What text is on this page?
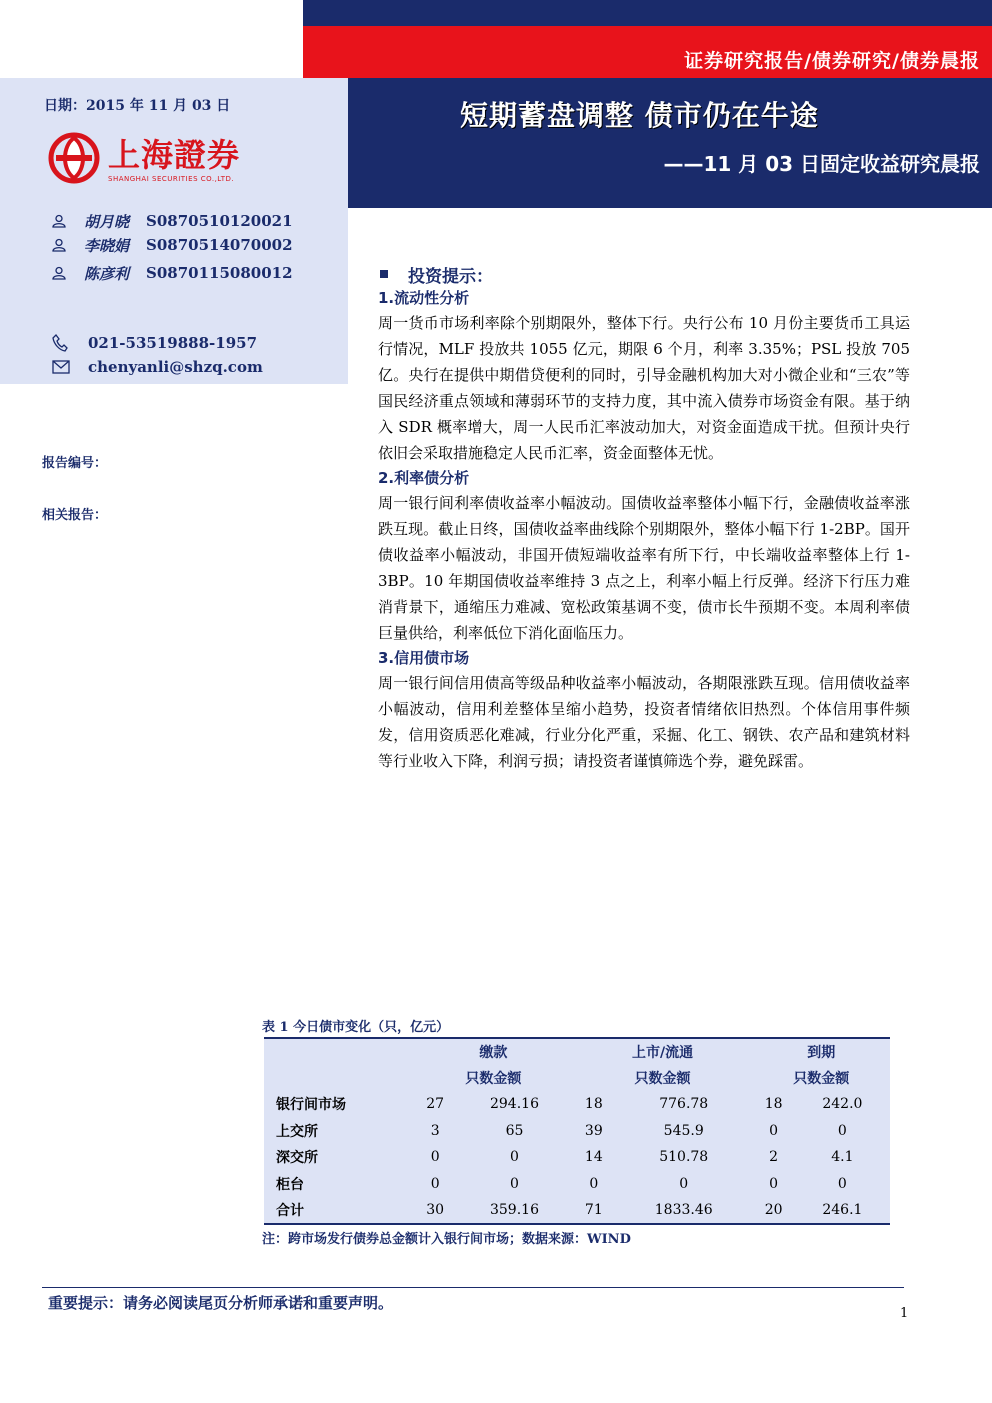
证券研究报告/债券研究/债券晨报
短期蓄盘调整 债市仍在牛途
——11 月 03 日固定收益研究晨报
日期：2015 年 11 月 03 日
上海證券
SHANGHAI SECURITIES CO.,LTD.
胡月晓	S0870510120021
李晓娟	S0870514070002
陈彦利	S0870115080012
021-53519888-1957
chenyanli@shzq.com
报告编号：
相关报告：
投资提示：
1.流动性分析
周一货币市场利率除个别期限外，整体下行。央行公布 10 月份主要货币工具运行情况，MLF 投放共 1055 亿元，期限 6 个月，利率 3.35%；PSL 投放 705 亿。央行在提供中期借贷便利的同时，引导金融机构加大对小微企业和“三农”等国民经济重点领域和薄弱环节的支持力度，其中流入债券市场资金有限。基于纳入 SDR 概率增大，周一人民币汇率波动加大，对资金面造成干扰。但预计央行依旧会采取措施稳定人民币汇率，资金面整体无忧。
2.利率债分析
周一银行间利率债收益率小幅波动。国债收益率整体小幅下行，金融债收益率涨跌互现。截止日终，国债收益率曲线除个别期限外，整体小幅下行 1-2BP。国开债收益率小幅波动，非国开债短端收益率有所下行，中长端收益率整体上行 1-3BP。10 年期国债收益率维持 3 点之上，利率小幅上行反弹。经济下行压力难消背景下，通缩压力难减、宽松政策基调不变，债市长牛预期不变。本周利率债巨量供给，利率低位下消化面临压力。
3.信用债市场
周一银行间信用债高等级品种收益率小幅波动，各期限涨跌互现。信用债收益率小幅波动，信用利差整体呈缩小趋势，投资者情绪依旧热烈。个体信用事件频发，信用资质恶化难减，行业分化严重，采掘、化工、钢铁、农产品和建筑材料等行业收入下降，利润亏损；请投资者谨慎筛选个券，避免踩雷。
表 1 今日债市变化（只，亿元）
	缴款		上市/流通		到期	
	只数金额		只数金额		只数金额	
银行间市场	27	294.16	18	776.78	18	242.0
上交所	3	65	39	545.9	0	0
深交所	0	0	14	510.78	2	4.1
柜台	0	0	0	0	0	0
合计	30	359.16	71	1833.46	20	246.1
注：跨市场发行债券总金额计入银行间市场；数据来源：WIND
重要提示：请务必阅读尾页分析师承诺和重要声明。
1
